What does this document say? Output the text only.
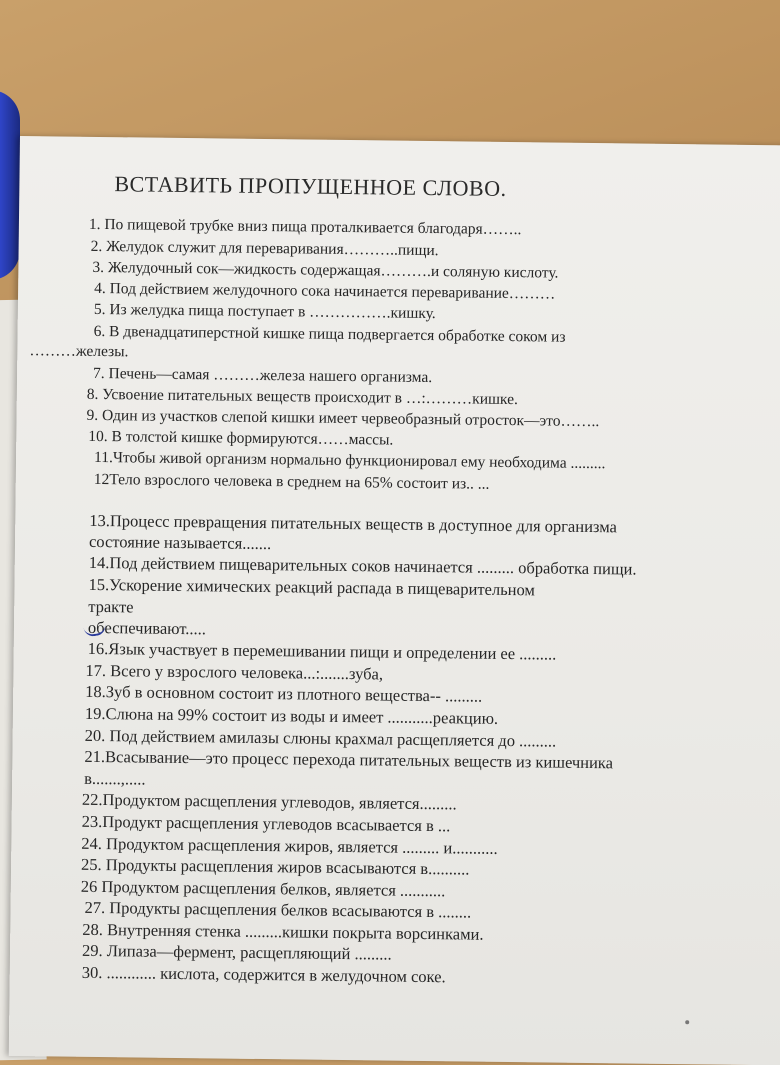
ВСТАВИТЬ ПРОПУЩЕННОЕ СЛОВО.
1. По пищевой трубке вниз пища проталкивается благодаря……..
2. Желудок служит для переваривания………..пищи.
3. Желудочный сок—жидкость содержащая……….и соляную кислоту.
4. Под действием желудочного сока начинается переваривание………
5. Из желудка пища поступает в …………….кишку.
6. В двенадцатиперстной кишке пища подвергается обработке соком из
………железы.
7. Печень—самая ………железа нашего организма.
8. Усвоение питательных веществ происходит в …:………кишке.
9. Один из участков слепой кишки имеет червеобразный отросток—это……..
10. В толстой кишке формируются……массы.
11.Чтобы живой организм нормально функционировал ему необходима .........
12Тело взрослого человека в среднем на 65% состоит из.. ...
13.Процесс превращения питательных веществ в доступное для организма
состояние называется.......
14.Под действием пищеварительных соков начинается ......... обработка пищи.
15.Ускорение химических реакций распада в пищеварительном
тракте
обеспечивают.....
16.Язык участвует в перемешивании пищи и определении ее .........
17. Всего у взрослого человека...:.......зуба,
18.Зуб в основном состоит из плотного вещества-- .........
19.Слюна на 99% состоит из воды и имеет ...........реакцию.
20. Под действием амилазы слюны крахмал расщепляется до .........
21.Всасывание—это процесс перехода питательных веществ из кишечника
в.......,.....
22.Продуктом расщепления углеводов, является.........
23.Продукт расщепления углеводов всасывается в ...
24. Продуктом расщепления жиров, является ......... и...........
25. Продукты расщепления жиров всасываются в..........
26 Продуктом расщепления белков, является ...........
27. Продукты расщепления белков всасываются в ........
28. Внутренняя стенка .........кишки покрыта ворсинками.
29. Липаза—фермент, расщепляющий .........
30. ............ кислота, содержится в желудочном соке.
